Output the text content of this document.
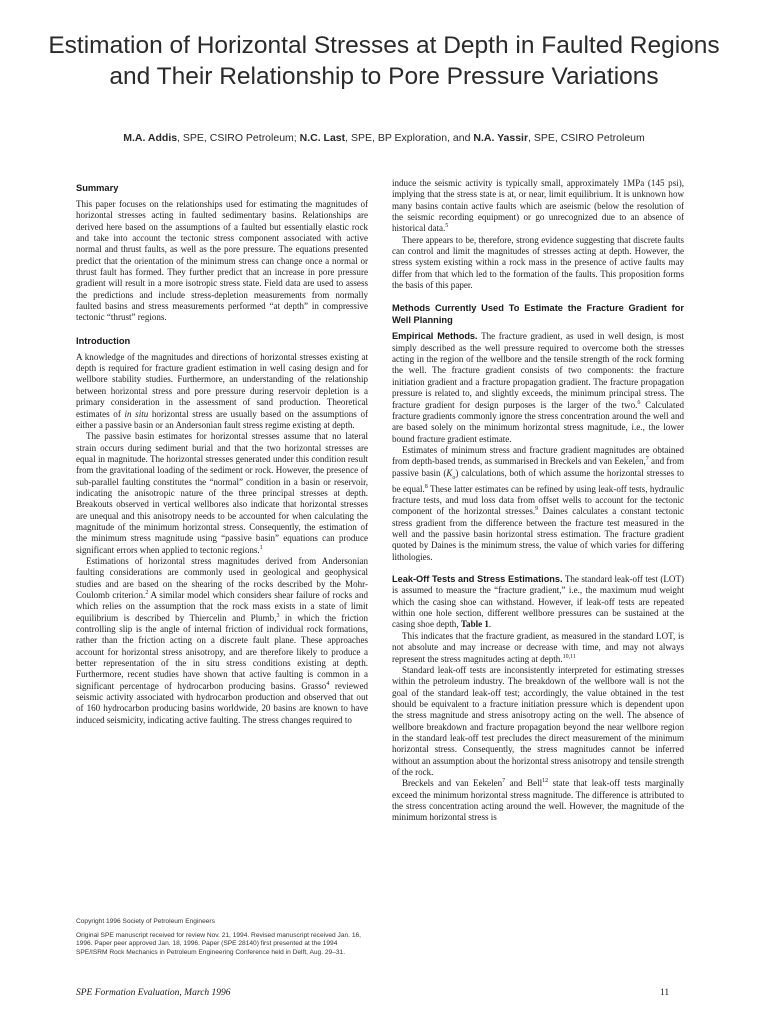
Estimation of Horizontal Stresses at Depth in Faulted Regions and Their Relationship to Pore Pressure Variations
M.A. Addis, SPE, CSIRO Petroleum; N.C. Last, SPE, BP Exploration, and N.A. Yassir, SPE, CSIRO Petroleum
Summary

This paper focuses on the relationships used for estimating the magnitudes of horizontal stresses acting in faulted sedimentary basins. Relationships are derived here based on the assumptions of a faulted but essentially elastic rock and take into account the tectonic stress component associated with active normal and thrust faults, as well as the pore pressure. The equations presented predict that the orientation of the minimum stress can change once a normal or thrust fault has formed. They further predict that an increase in pore pressure gradient will result in a more isotropic stress state. Field data are used to assess the predictions and include stress-depletion measurements from normally faulted basins and stress measurements performed “at depth” in compressive tectonic “thrust” regions.

Introduction

A knowledge of the magnitudes and directions of horizontal stresses existing at depth is required for fracture gradient estimation in well casing design and for wellbore stability studies. Furthermore, an understanding of the relationship between horizontal stress and pore pressure during reservoir depletion is a primary consideration in the assessment of sand production. Theoretical estimates of in situ horizontal stress are usually based on the assumptions of either a passive basin or an Andersonian fault stress regime existing at depth.

The passive basin estimates for horizontal stresses assume that no lateral strain occurs during sediment burial and that the two horizontal stresses are equal in magnitude. The horizontal stresses generated under this condition result from the gravitational loading of the sediment or rock. However, the presence of sub-parallel faulting constitutes the “normal” condition in a basin or reservoir, indicating the anisotropic nature of the three principal stresses at depth. Breakouts observed in vertical wellbores also indicate that horizontal stresses are unequal and this anisotropy needs to be accounted for when calculating the magnitude of the minimum horizontal stress. Consequently, the estimation of the minimum stress magnitude using “passive basin” equations can produce significant errors when applied to tectonic regions.$^1$

Estimations of horizontal stress magnitudes derived from Andersonian faulting considerations are commonly used in geological and geophysical studies and are based on the shearing of the rocks described by the Mohr-Coulomb criterion.$^2$ A similar model which considers shear failure of rocks and which relies on the assumption that the rock mass exists in a state of limit equilibrium is described by Thiercelin and Plumb,$^3$ in which the friction controlling slip is the angle of internal friction of individual rock formations, rather than the friction acting on a discrete fault plane. These approaches account for horizontal stress anisotropy, and are therefore likely to produce a better representation of the in situ stress conditions existing at depth. Furthermore, recent studies have shown that active faulting is common in a significant percentage of hydrocarbon producing basins. Grasso$^4$ reviewed seismic activity associated with hydrocarbon production and observed that out of 160 hydrocarbon producing basins worldwide, 20 basins are known to have induced seismicity, indicating active faulting. The stress changes required to

Copyright 1996 Society of Petroleum Engineers

Original SPE manuscript received for review Nov. 21, 1994. Revised manuscript received Jan. 16, 1996. Paper peer approved Jan. 18, 1996. Paper (SPE 28140) first presented at the 1994 SPE/ISRM Rock Mechanics in Petroleum Engineering Conference held in Delft, Aug. 29–31.

induce the seismic activity is typically small, approximately 1MPa (145 psi), implying that the stress state is at, or near, limit equilibrium. It is unknown how many basins contain active faults which are aseismic (below the resolution of the seismic recording equipment) or go unrecognized due to an absence of historical data.$^5$

There appears to be, therefore, strong evidence suggesting that discrete faults can control and limit the magnitudes of stresses acting at depth. However, the stress system existing within a rock mass in the presence of active faults may differ from that which led to the formation of the faults. This proposition forms the basis of this paper.

Methods Currently Used To Estimate the Fracture Gradient for Well Planning

Empirical Methods. The fracture gradient, as used in well design, is most simply described as the well pressure required to overcome both the stresses acting in the region of the wellbore and the tensile strength of the rock forming the well. The fracture gradient consists of two components: the fracture initiation gradient and a fracture propagation gradient. The fracture propagation pressure is related to, and slightly exceeds, the minimum principal stress. The fracture gradient for design purposes is the larger of the two.$^6$ Calculated fracture gradients commonly ignore the stress concentration around the well and are based solely on the minimum horizontal stress magnitude, i.e., the lower bound fracture gradient estimate.

Estimates of minimum stress and fracture gradient magnitudes are obtained from depth-based trends, as summarised in Breckels and van Eekelen,$^7$ and from passive basin $(K_o)$ calculations, both of which assume the horizontal stresses to be equal.$^8$ These latter estimates can be refined by using leak-off tests, hydraulic fracture tests, and mud loss data from offset wells to account for the tectonic component of the horizontal stresses.$^9$ Daines calculates a constant tectonic stress gradient from the difference between the fracture test measured in the well and the passive basin horizontal stress estimation. The fracture gradient quoted by Daines is the minimum stress, the value of which varies for differing lithologies.

Leak-Off Tests and Stress Estimations. The standard leak-off test (LOT) is assumed to measure the “fracture gradient,” i.e., the maximum mud weight which the casing shoe can withstand. However, if leak-off tests are repeated within one hole section, different wellbore pressures can be sustained at the casing shoe depth, Table 1.

This indicates that the fracture gradient, as measured in the standard LOT, is not absolute and may increase or decrease with time, and may not always represent the stress magnitudes acting at depth.$^{10,11}$

Standard leak-off tests are inconsistently interpreted for estimating stresses within the petroleum industry. The breakdown of the wellbore wall is not the goal of the standard leak-off test; accordingly, the value obtained in the test should be equivalent to a fracture initiation pressure which is dependent upon the stress magnitude and stress anisotropy acting on the well. The absence of wellbore breakdown and fracture propagation beyond the near wellbore region in the standard leak-off test precludes the direct measurement of the minimum horizontal stress. Consequently, the stress magnitudes cannot be inferred without an assumption about the horizontal stress anisotropy and tensile strength of the rock.

Breckels and van Eekelen$^7$ and Bell$^{12}$ state that leak-off tests marginally exceed the minimum horizontal stress magnitude. The difference is attributed to the stress concentration acting around the well. However, the magnitude of the minimum horizontal stress is

SPE Formation Evaluation, March 1996	11
